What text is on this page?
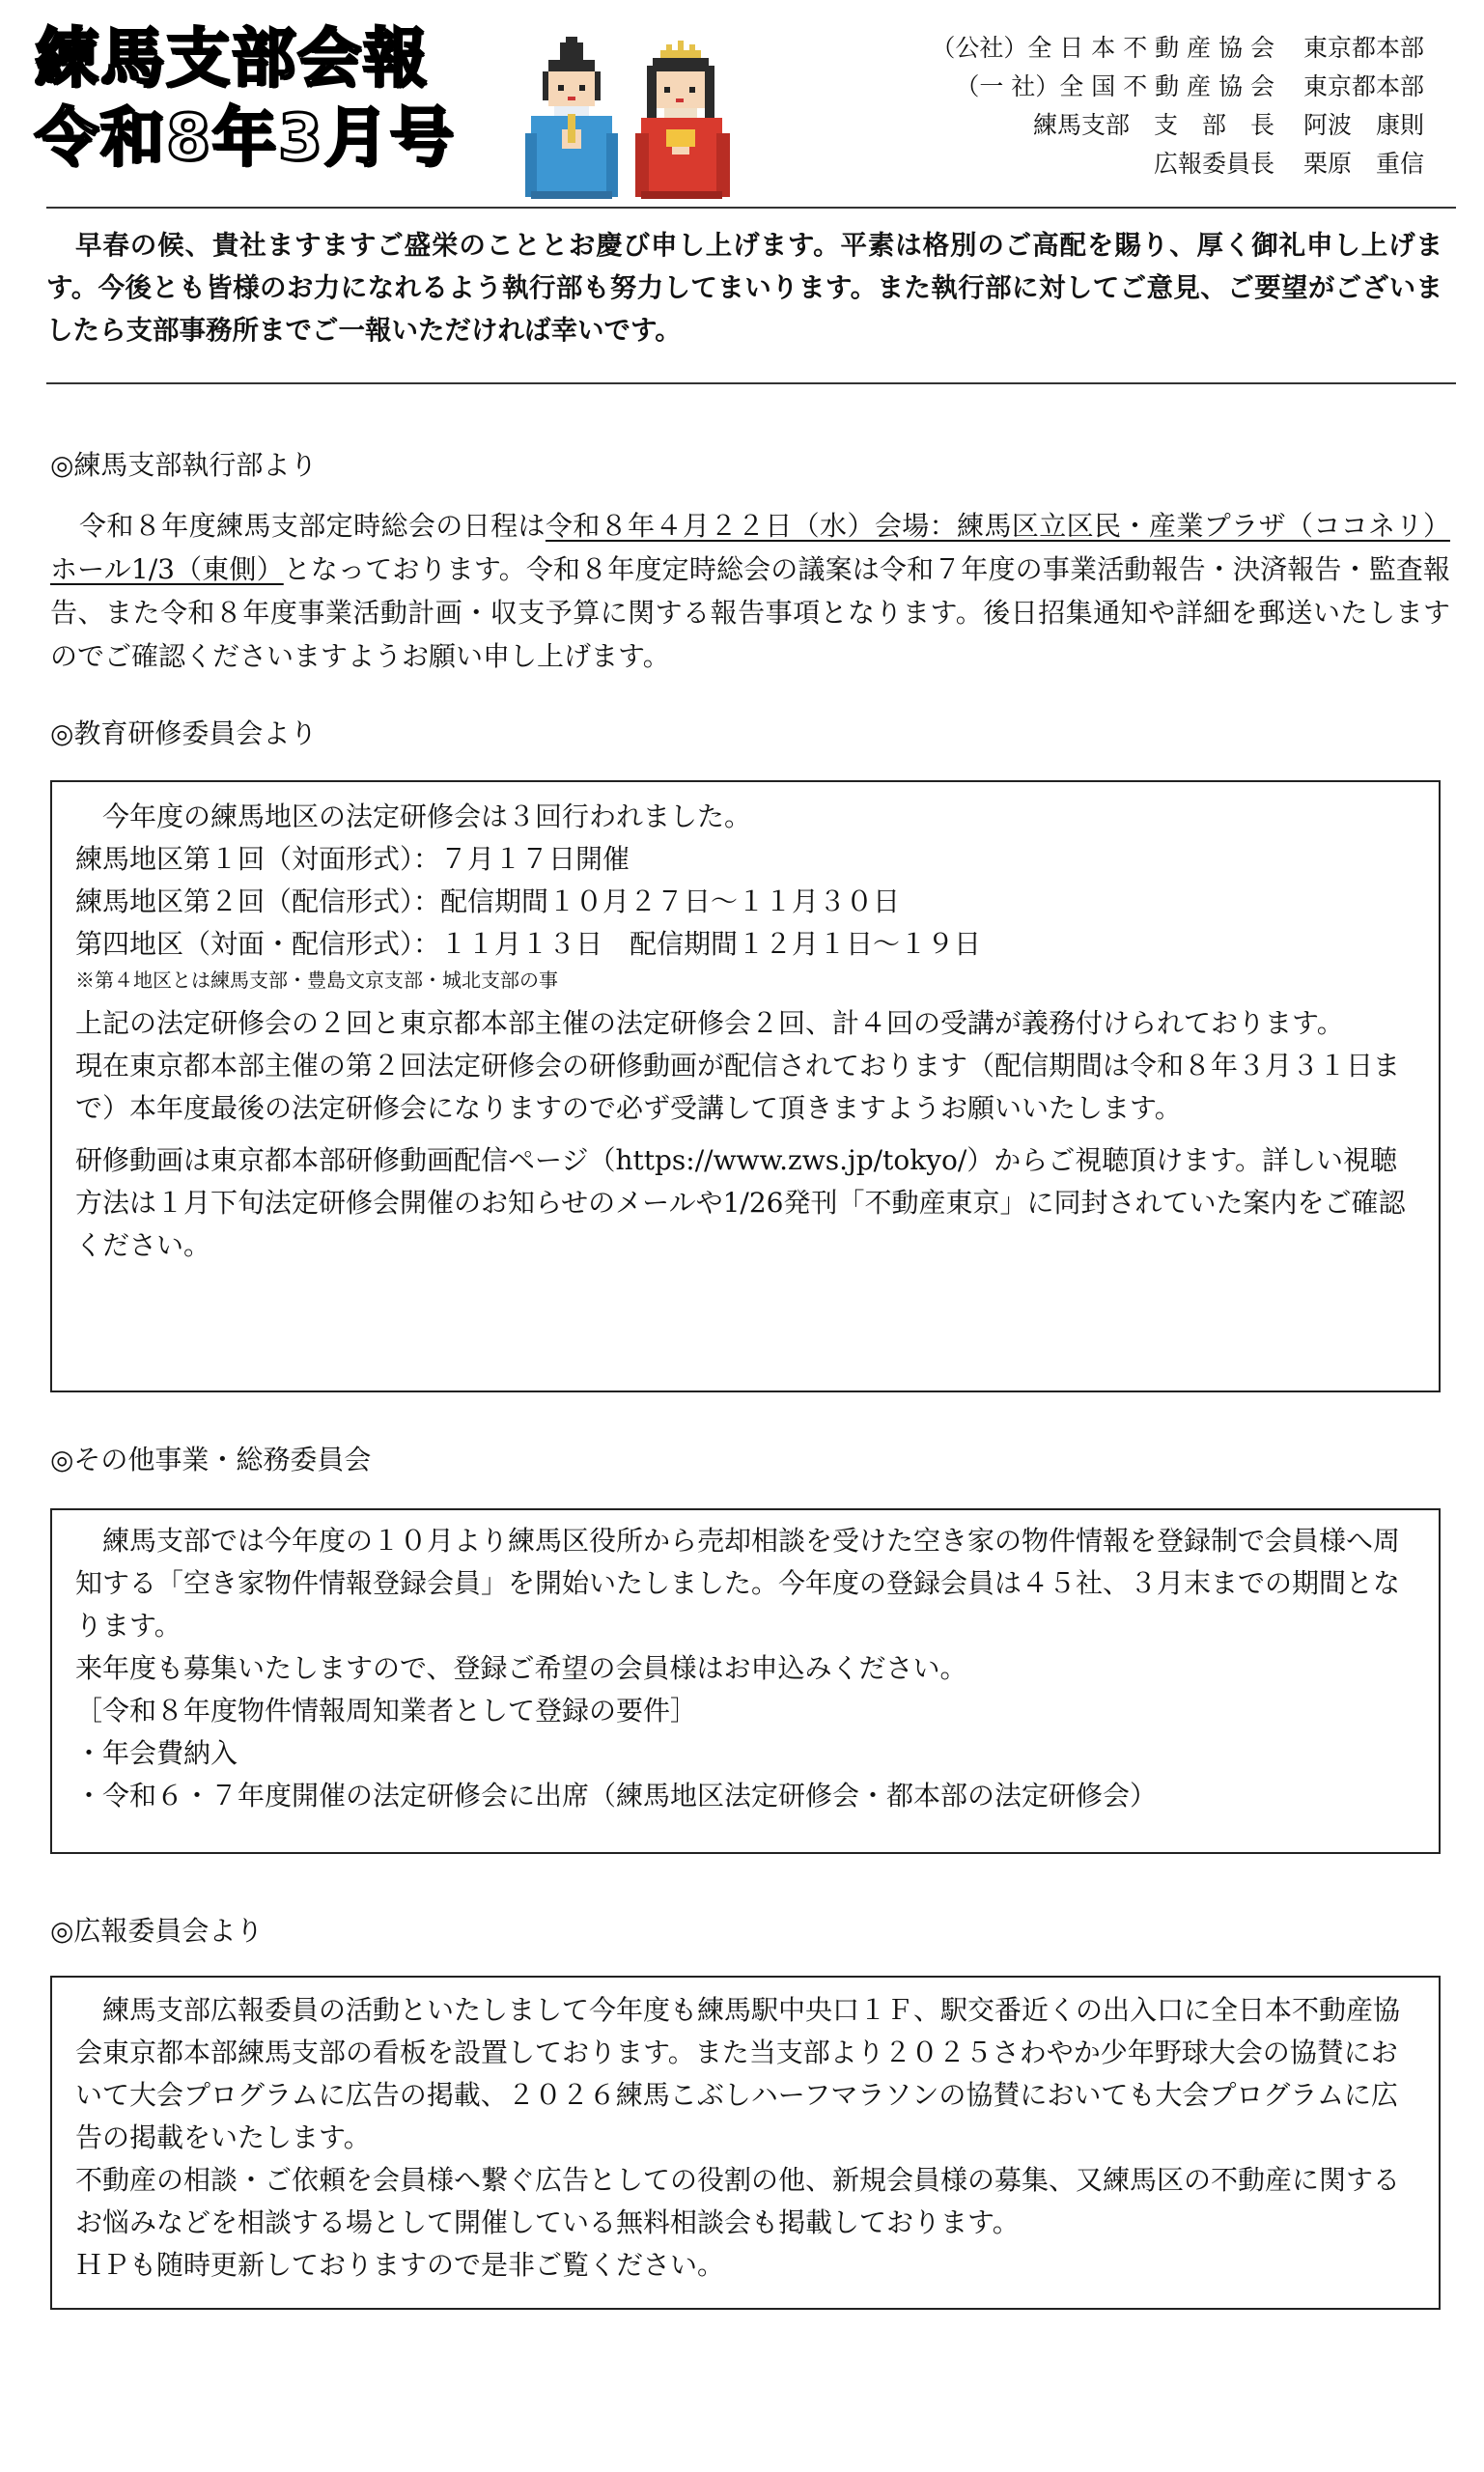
練馬支部会報
令和8年3月号
（公社）全 日 本 不 動 産 協 会	東京都本部
（一 社）全 国 不 動 産 協 会	東京都本部
練馬支部　支　部　長	阿波　康則
広報委員長	栗原　重信
早春の候、貴社ますますご盛栄のこととお慶び申し上げます。平素は格別のご高配を賜り、厚く御礼申し上げます。今後とも皆様のお力になれるよう執行部も努力してまいります。また執行部に対してご意見、ご要望がございましたら支部事務所までご一報いただければ幸いです。
◎練馬支部執行部より
令和８年度練馬支部定時総会の日程は令和８年４月２２日（水）会場：練馬区立区民・産業プラザ（ココネリ）ホール1/3（東側）となっております。令和８年度定時総会の議案は令和７年度の事業活動報告・決済報告・監査報告、また令和８年度事業活動計画・収支予算に関する報告事項となります。後日招集通知や詳細を郵送いたしますのでご確認くださいますようお願い申し上げます。
◎教育研修委員会より

今年度の練馬地区の法定研修会は３回行われました。

練馬地区第１回（対面形式）：７月１７日開催

練馬地区第２回（配信形式）：配信期間１０月２７日～１１月３０日

第四地区（対面・配信形式）：１１月１３日　配信期間１２月１日～１９日

※第４地区とは練馬支部・豊島文京支部・城北支部の事

上記の法定研修会の２回と東京都本部主催の法定研修会２回、計４回の受講が義務付けられております。

現在東京都本部主催の第２回法定研修会の研修動画が配信されております（配信期間は令和８年３月３１日まで）本年度最後の法定研修会になりますので必ず受講して頂きますようお願いいたします。

研修動画は東京都本部研修動画配信ページ（https://www.zws.jp/tokyo/）からご視聴頂けます。詳しい視聴方法は１月下旬法定研修会開催のお知らせのメールや1/26発刊「不動産東京」に同封されていた案内をご確認ください。

◎その他事業・総務委員会

練馬支部では今年度の１０月より練馬区役所から売却相談を受けた空き家の物件情報を登録制で会員様へ周知する「空き家物件情報登録会員」を開始いたしました。今年度の登録会員は４５社、３月末までの期間となります。

来年度も募集いたしますので、登録ご希望の会員様はお申込みください。

［令和８年度物件情報周知業者として登録の要件］

・年会費納入

・令和６・７年度開催の法定研修会に出席（練馬地区法定研修会・都本部の法定研修会）

◎広報委員会より

練馬支部広報委員の活動といたしまして今年度も練馬駅中央口１Ｆ、駅交番近くの出入口に全日本不動産協会東京都本部練馬支部の看板を設置しております。また当支部より２０２５さわやか少年野球大会の協賛において大会プログラムに広告の掲載、２０２６練馬こぶしハーフマラソンの協賛においても大会プログラムに広告の掲載をいたします。

不動産の相談・ご依頼を会員様へ繋ぐ広告としての役割の他、新規会員様の募集、又練馬区の不動産に関するお悩みなどを相談する場として開催している無料相談会も掲載しております。

ＨＰも随時更新しておりますので是非ご覧ください。
